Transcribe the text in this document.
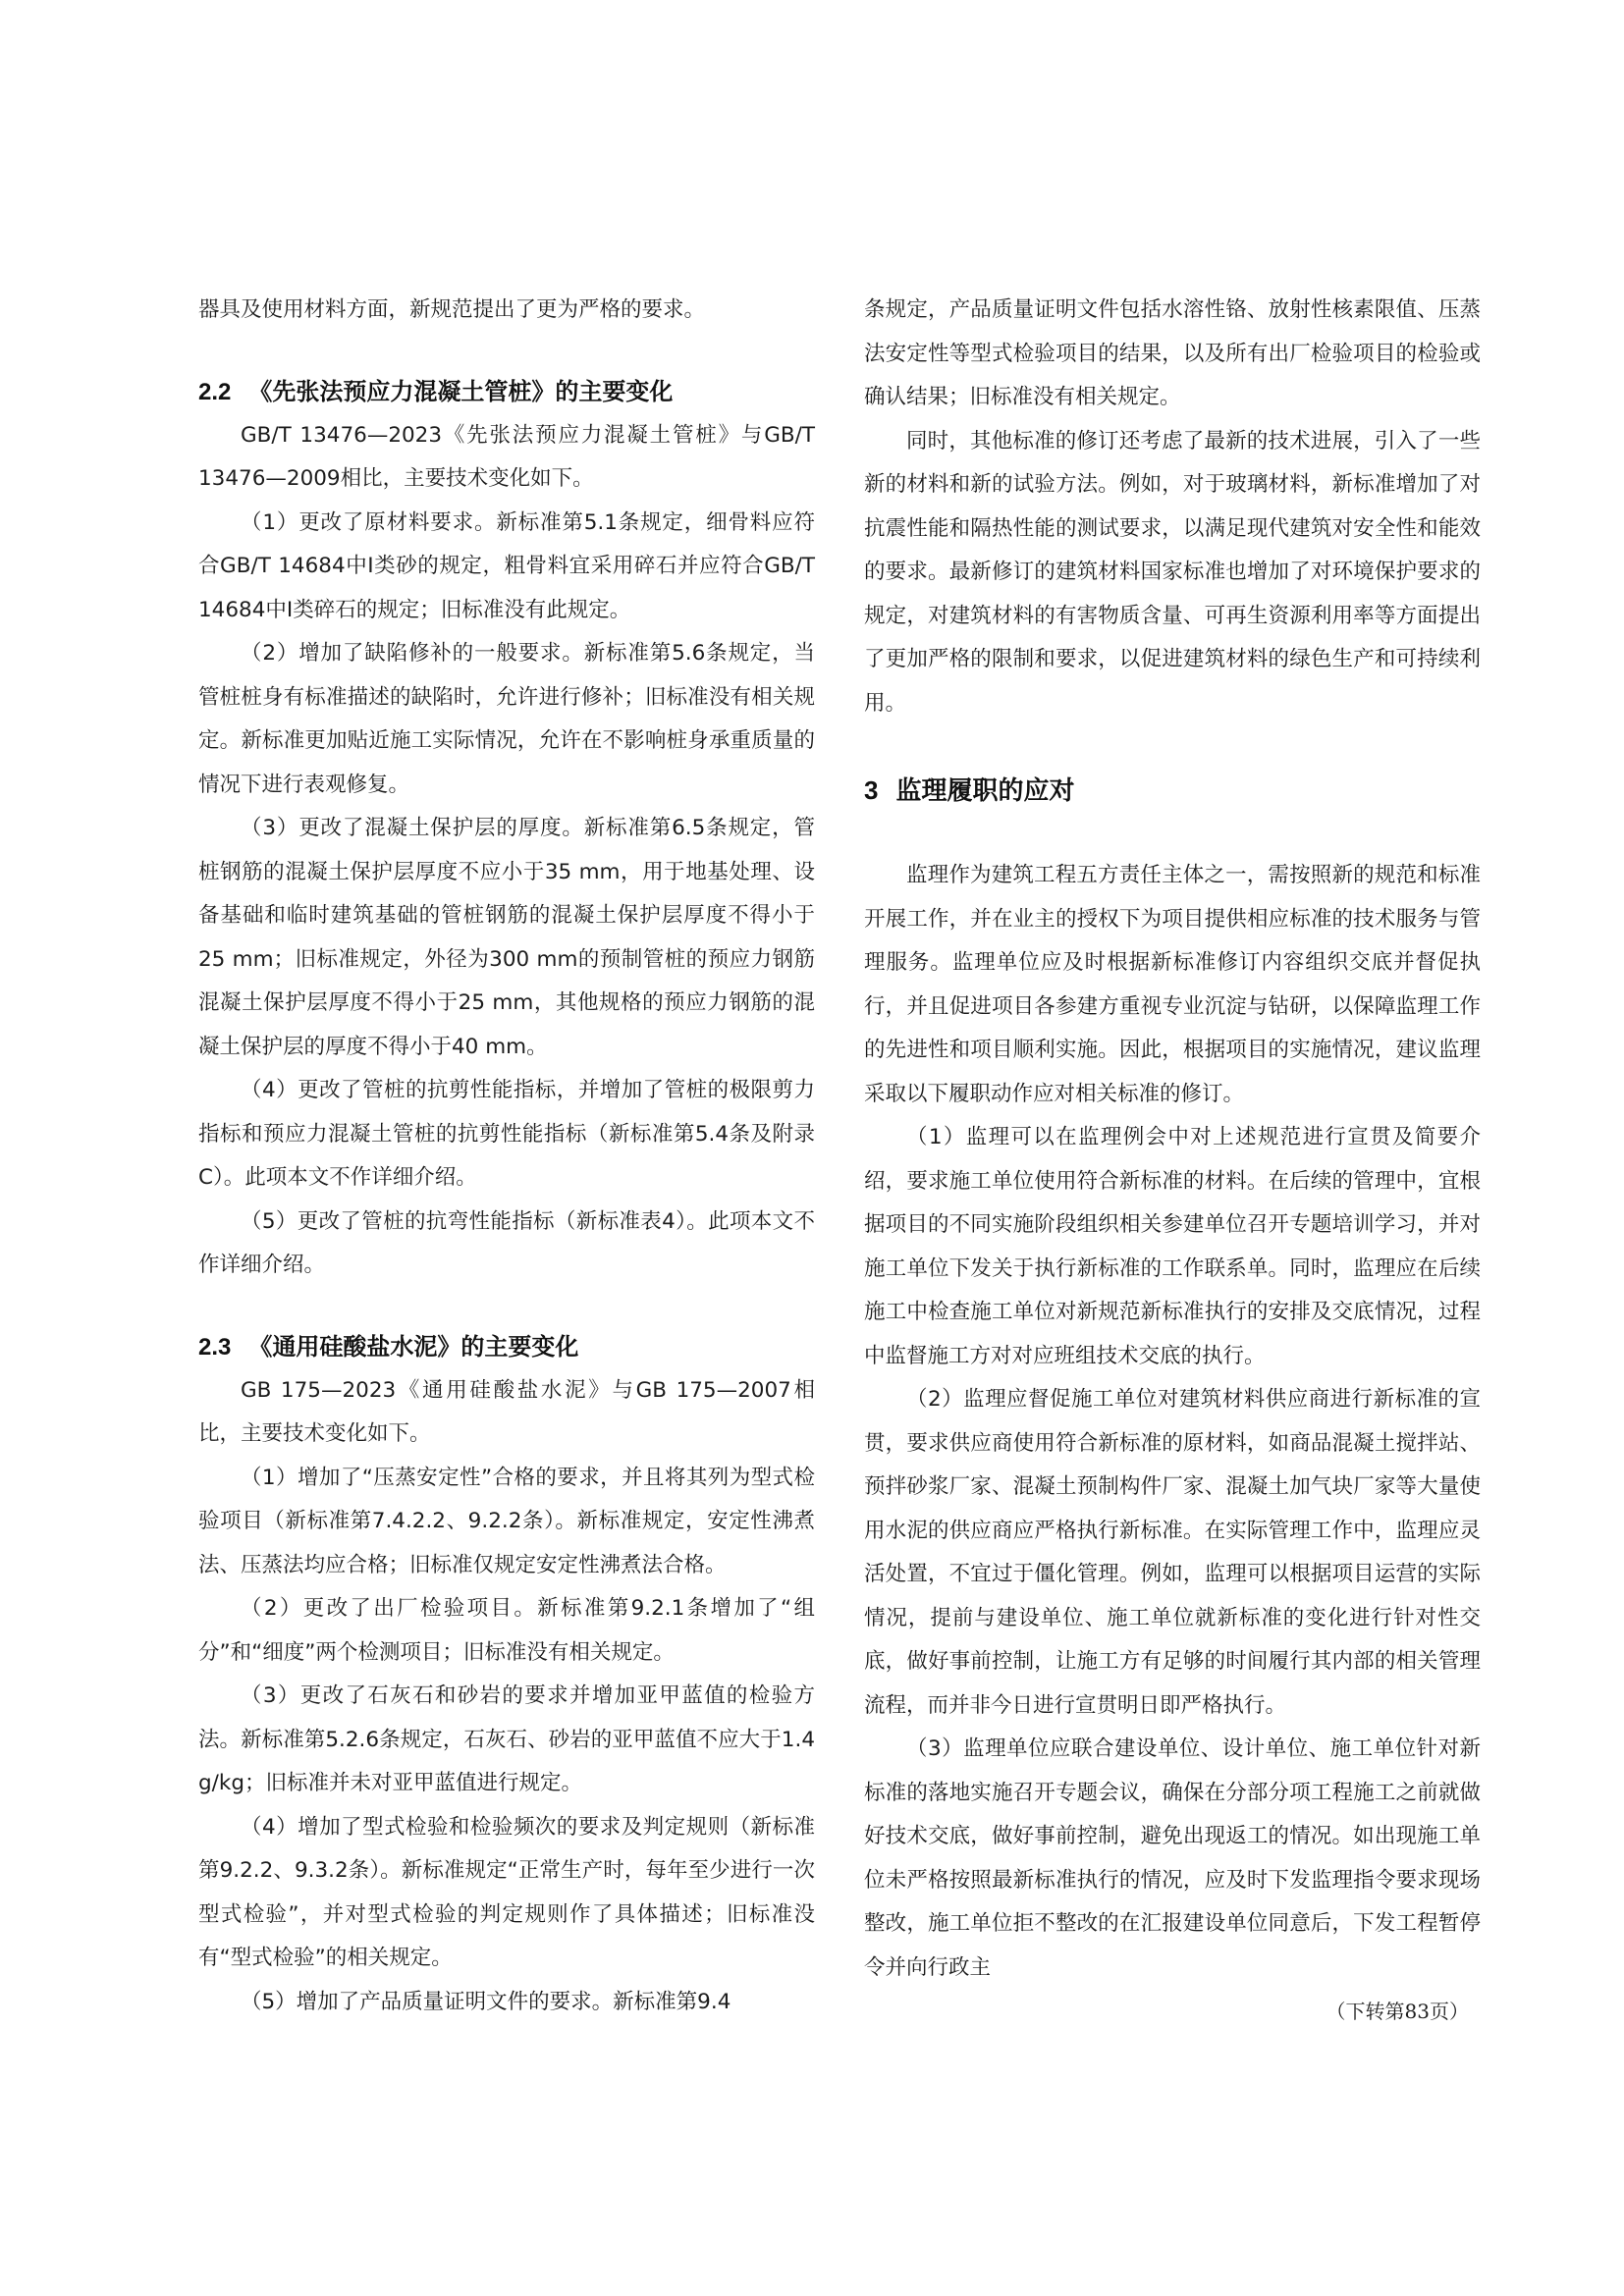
器具及使用材料方面，新规范提出了更为严格的要求。

2.2 《先张法预应力混凝土管桩》的主要变化

GB/T 13476—2023《先张法预应力混凝土管桩》与GB/T 13476—2009相比，主要技术变化如下。

（1）更改了原材料要求。新标准第5.1条规定，细骨料应符合GB/T 14684中Ⅰ类砂的规定，粗骨料宜采用碎石并应符合GB/T 14684中Ⅰ类碎石的规定；旧标准没有此规定。

（2）增加了缺陷修补的一般要求。新标准第5.6条规定，当管桩桩身有标准描述的缺陷时，允许进行修补；旧标准没有相关规定。新标准更加贴近施工实际情况，允许在不影响桩身承重质量的情况下进行表观修复。

（3）更改了混凝土保护层的厚度。新标准第6.5条规定，管桩钢筋的混凝土保护层厚度不应小于35 mm，用于地基处理、设备基础和临时建筑基础的管桩钢筋的混凝土保护层厚度不得小于25 mm；旧标准规定，外径为300 mm的预制管桩的预应力钢筋混凝土保护层厚度不得小于25 mm，其他规格的预应力钢筋的混凝土保护层的厚度不得小于40 mm。

（4）更改了管桩的抗剪性能指标，并增加了管桩的极限剪力指标和预应力混凝土管桩的抗剪性能指标（新标准第5.4条及附录C）。此项本文不作详细介绍。

（5）更改了管桩的抗弯性能指标（新标准表4）。此项本文不作详细介绍。

2.3 《通用硅酸盐水泥》的主要变化

GB 175—2023《通用硅酸盐水泥》与GB 175—2007相比，主要技术变化如下。

（1）增加了“压蒸安定性”合格的要求，并且将其列为型式检验项目（新标准第7.4.2.2、9.2.2条）。新标准规定，安定性沸煮法、压蒸法均应合格；旧标准仅规定安定性沸煮法合格。

（2）更改了出厂检验项目。新标准第9.2.1条增加了“组分”和“细度”两个检测项目；旧标准没有相关规定。

（3）更改了石灰石和砂岩的要求并增加亚甲蓝值的检验方法。新标准第5.2.6条规定，石灰石、砂岩的亚甲蓝值不应大于1.4 g/kg；旧标准并未对亚甲蓝值进行规定。

（4）增加了型式检验和检验频次的要求及判定规则（新标准第9.2.2、9.3.2条）。新标准规定“正常生产时，每年至少进行一次型式检验”，并对型式检验的判定规则作了具体描述；旧标准没有“型式检验”的相关规定。

（5）增加了产品质量证明文件的要求。新标准第9.4

条规定，产品质量证明文件包括水溶性铬、放射性核素限值、压蒸法安定性等型式检验项目的结果，以及所有出厂检验项目的检验或确认结果；旧标准没有相关规定。

同时，其他标准的修订还考虑了最新的技术进展，引入了一些新的材料和新的试验方法。例如，对于玻璃材料，新标准增加了对抗震性能和隔热性能的测试要求，以满足现代建筑对安全性和能效的要求。最新修订的建筑材料国家标准也增加了对环境保护要求的规定，对建筑材料的有害物质含量、可再生资源利用率等方面提出了更加严格的限制和要求，以促进建筑材料的绿色生产和可持续利用。

3 监理履职的应对

监理作为建筑工程五方责任主体之一，需按照新的规范和标准开展工作，并在业主的授权下为项目提供相应标准的技术服务与管理服务。监理单位应及时根据新标准修订内容组织交底并督促执行，并且促进项目各参建方重视专业沉淀与钻研，以保障监理工作的先进性和项目顺利实施。因此，根据项目的实施情况，建议监理采取以下履职动作应对相关标准的修订。

（1）监理可以在监理例会中对上述规范进行宣贯及简要介绍，要求施工单位使用符合新标准的材料。在后续的管理中，宜根据项目的不同实施阶段组织相关参建单位召开专题培训学习，并对施工单位下发关于执行新标准的工作联系单。同时，监理应在后续施工中检查施工单位对新规范新标准执行的安排及交底情况，过程中监督施工方对对应班组技术交底的执行。

（2）监理应督促施工单位对建筑材料供应商进行新标准的宣贯，要求供应商使用符合新标准的原材料，如商品混凝土搅拌站、预拌砂浆厂家、混凝土预制构件厂家、混凝土加气块厂家等大量使用水泥的供应商应严格执行新标准。在实际管理工作中，监理应灵活处置，不宜过于僵化管理。例如，监理可以根据项目运营的实际情况，提前与建设单位、施工单位就新标准的变化进行针对性交底，做好事前控制，让施工方有足够的时间履行其内部的相关管理流程，而并非今日进行宣贯明日即严格执行。

（3）监理单位应联合建设单位、设计单位、施工单位针对新标准的落地实施召开专题会议，确保在分部分项工程施工之前就做好技术交底，做好事前控制，避免出现返工的情况。如出现施工单位未严格按照最新标准执行的情况，应及时下发监理指令要求现场整改，施工单位拒不整改的在汇报建设单位同意后，下发工程暂停令并向行政主

（下转第83页）
